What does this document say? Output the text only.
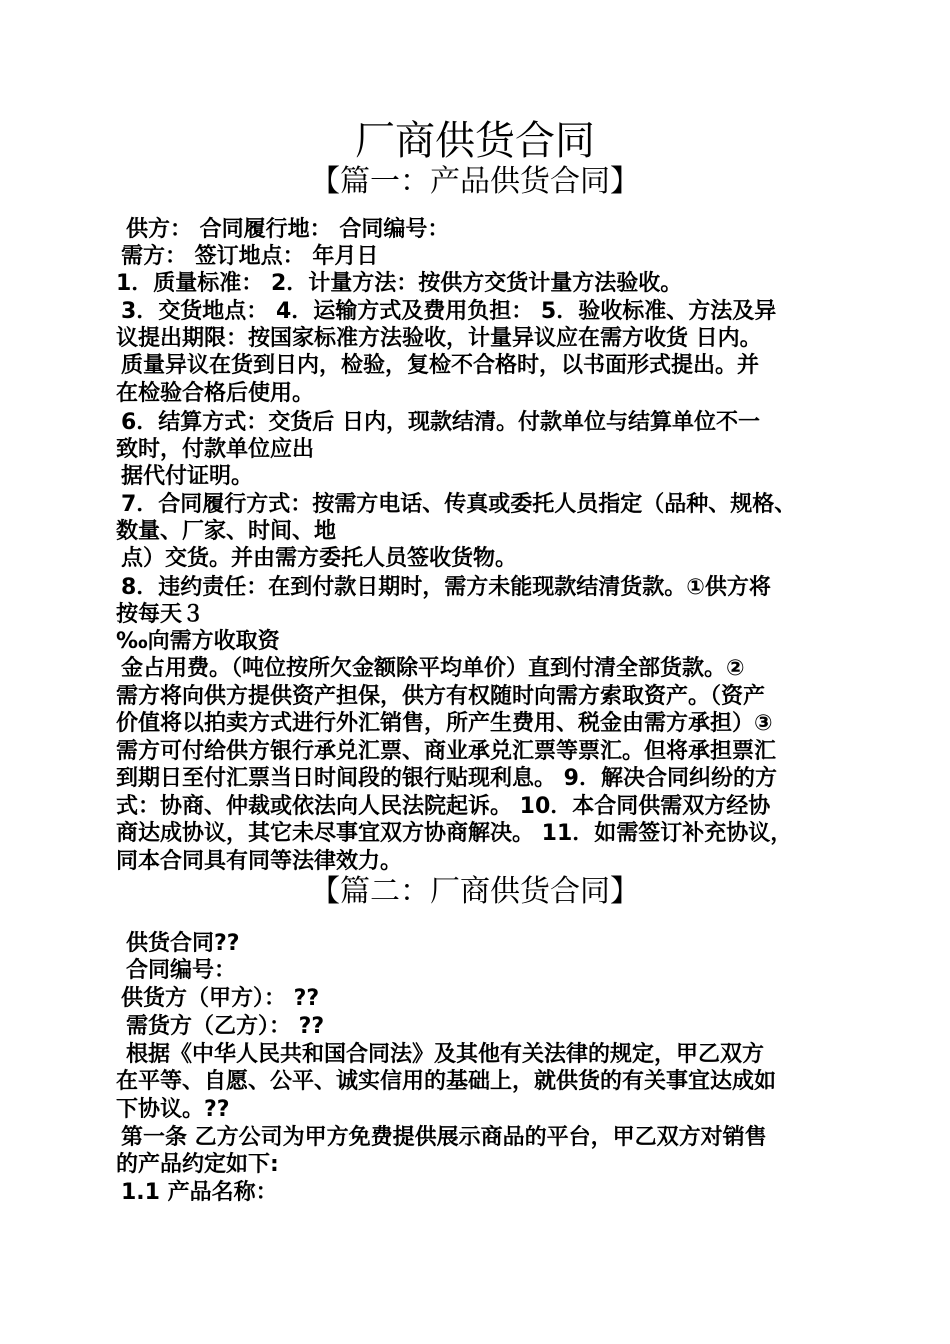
厂商供货合同
【篇一：产品供货合同】
供方： 合同履行地： 合同编号：
需方： 签订地点： 年月日
1．质量标准： 2．计量方法：按供方交货计量方法验收。
3．交货地点： 4．运输方式及费用负担： 5．验收标准、方法及异
议提出期限：按国家标准方法验收，计量异议应在需方收货 日内。
质量异议在货到日内，检验，复检不合格时，以书面形式提出。并
在检验合格后使用。
6．结算方式：交货后 日内，现款结清。付款单位与结算单位不一
致时，付款单位应出
据代付证明。
7．合同履行方式：按需方电话、传真或委托人员指定（品种、规格、
数量、厂家、时间、地
点）交货。并由需方委托人员签收货物。
8．违约责任：在到付款日期时，需方未能现款结清货款。①供方将
按每天３
‰向需方收取资
金占用费。（吨位按所欠金额除平均单价）直到付清全部货款。②
需方将向供方提供资产担保，供方有权随时向需方索取资产。（资产
价值将以拍卖方式进行外汇销售，所产生费用、税金由需方承担）③
需方可付给供方银行承兑汇票、商业承兑汇票等票汇。但将承担票汇
到期日至付汇票当日时间段的银行贴现利息。 9．解决合同纠纷的方
式：协商、仲裁或依法向人民法院起诉。 10．本合同供需双方经协
商达成协议，其它未尽事宜双方协商解决。 11．如需签订补充协议，
同本合同具有同等法律效力。
【篇二：厂商供货合同】
供货合同??
合同编号：
供货方（甲方）： ??
需货方（乙方）： ??
根据《中华人民共和国合同法》及其他有关法律的规定，甲乙双方
在平等、自愿、公平、诚实信用的基础上，就供货的有关事宜达成如
下协议。??
第一条 乙方公司为甲方免费提供展示商品的平台，甲乙双方对销售
的产品约定如下:
1.1 产品名称：
